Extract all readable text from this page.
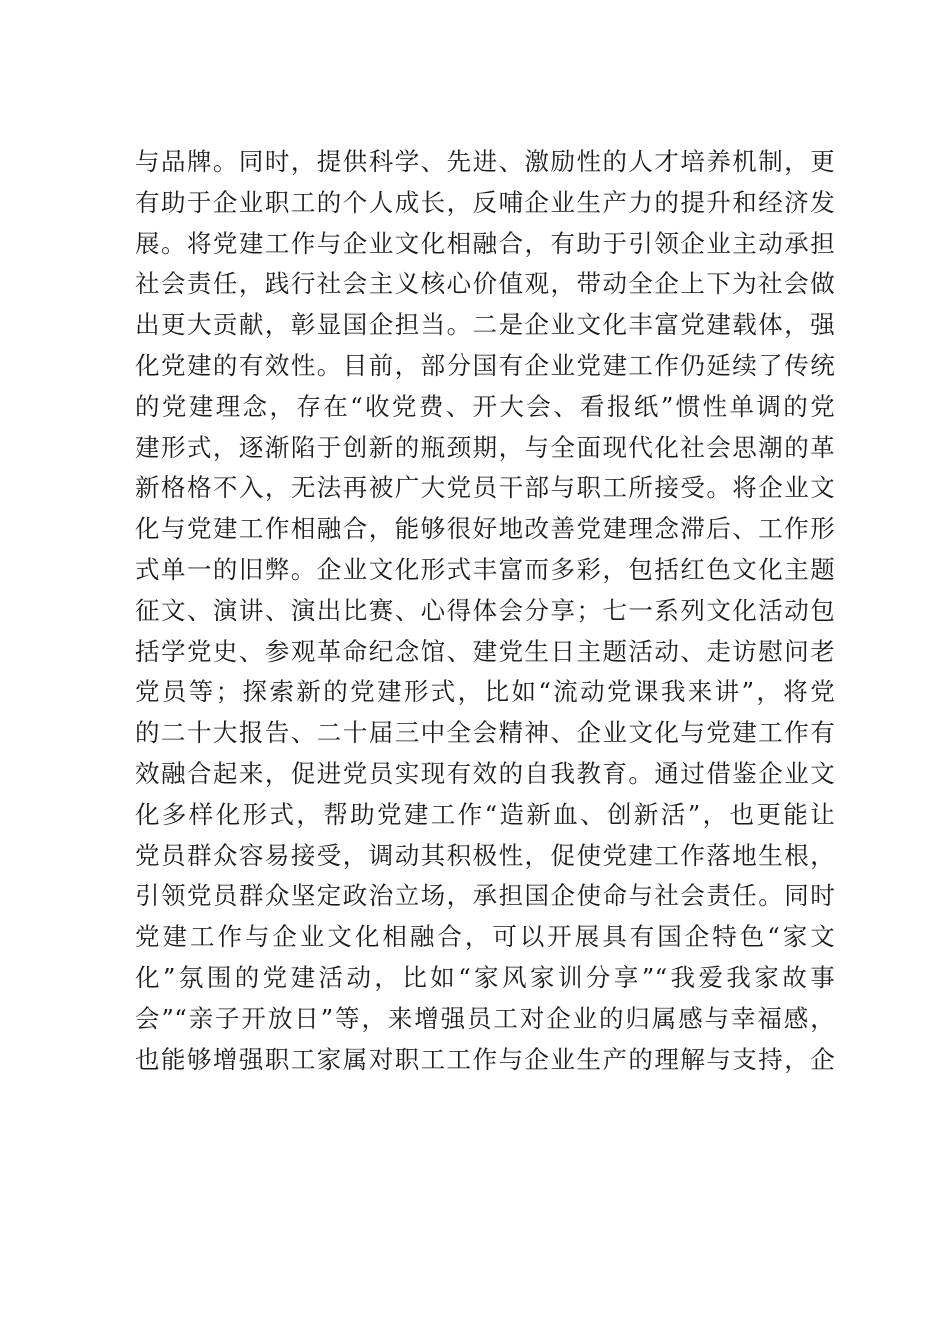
与品牌。同时，提供科学、先进、激励性的人才培养机制，更
有助于企业职工的个人成长，反哺企业生产力的提升和经济发
展。将党建工作与企业文化相融合，有助于引领企业主动承担
社会责任，践行社会主义核心价值观，带动全企上下为社会做
出更大贡献，彰显国企担当。二是企业文化丰富党建载体，强
化党建的有效性。目前，部分国有企业党建工作仍延续了传统
的党建理念，存在“收党费、开大会、看报纸”惯性单调的党
建形式，逐渐陷于创新的瓶颈期，与全面现代化社会思潮的革
新格格不入，无法再被广大党员干部与职工所接受。将企业文
化与党建工作相融合，能够很好地改善党建理念滞后、工作形
式单一的旧弊。企业文化形式丰富而多彩，包括红色文化主题
征文、演讲、演出比赛、心得体会分享；七一系列文化活动包
括学党史、参观革命纪念馆、建党生日主题活动、走访慰问老
党员等；探索新的党建形式，比如“流动党课我来讲”，将党
的二十大报告、二十届三中全会精神、企业文化与党建工作有
效融合起来，促进党员实现有效的自我教育。通过借鉴企业文
化多样化形式，帮助党建工作“造新血、创新活”，也更能让
党员群众容易接受，调动其积极性，促使党建工作落地生根，
引领党员群众坚定政治立场，承担国企使命与社会责任。同时
党建工作与企业文化相融合，可以开展具有国企特色“家文
化”氛围的党建活动，比如“家风家训分享”“我爱我家故事
会”“亲子开放日”等，来增强员工对企业的归属感与幸福感，
也能够增强职工家属对职工工作与企业生产的理解与支持，企
